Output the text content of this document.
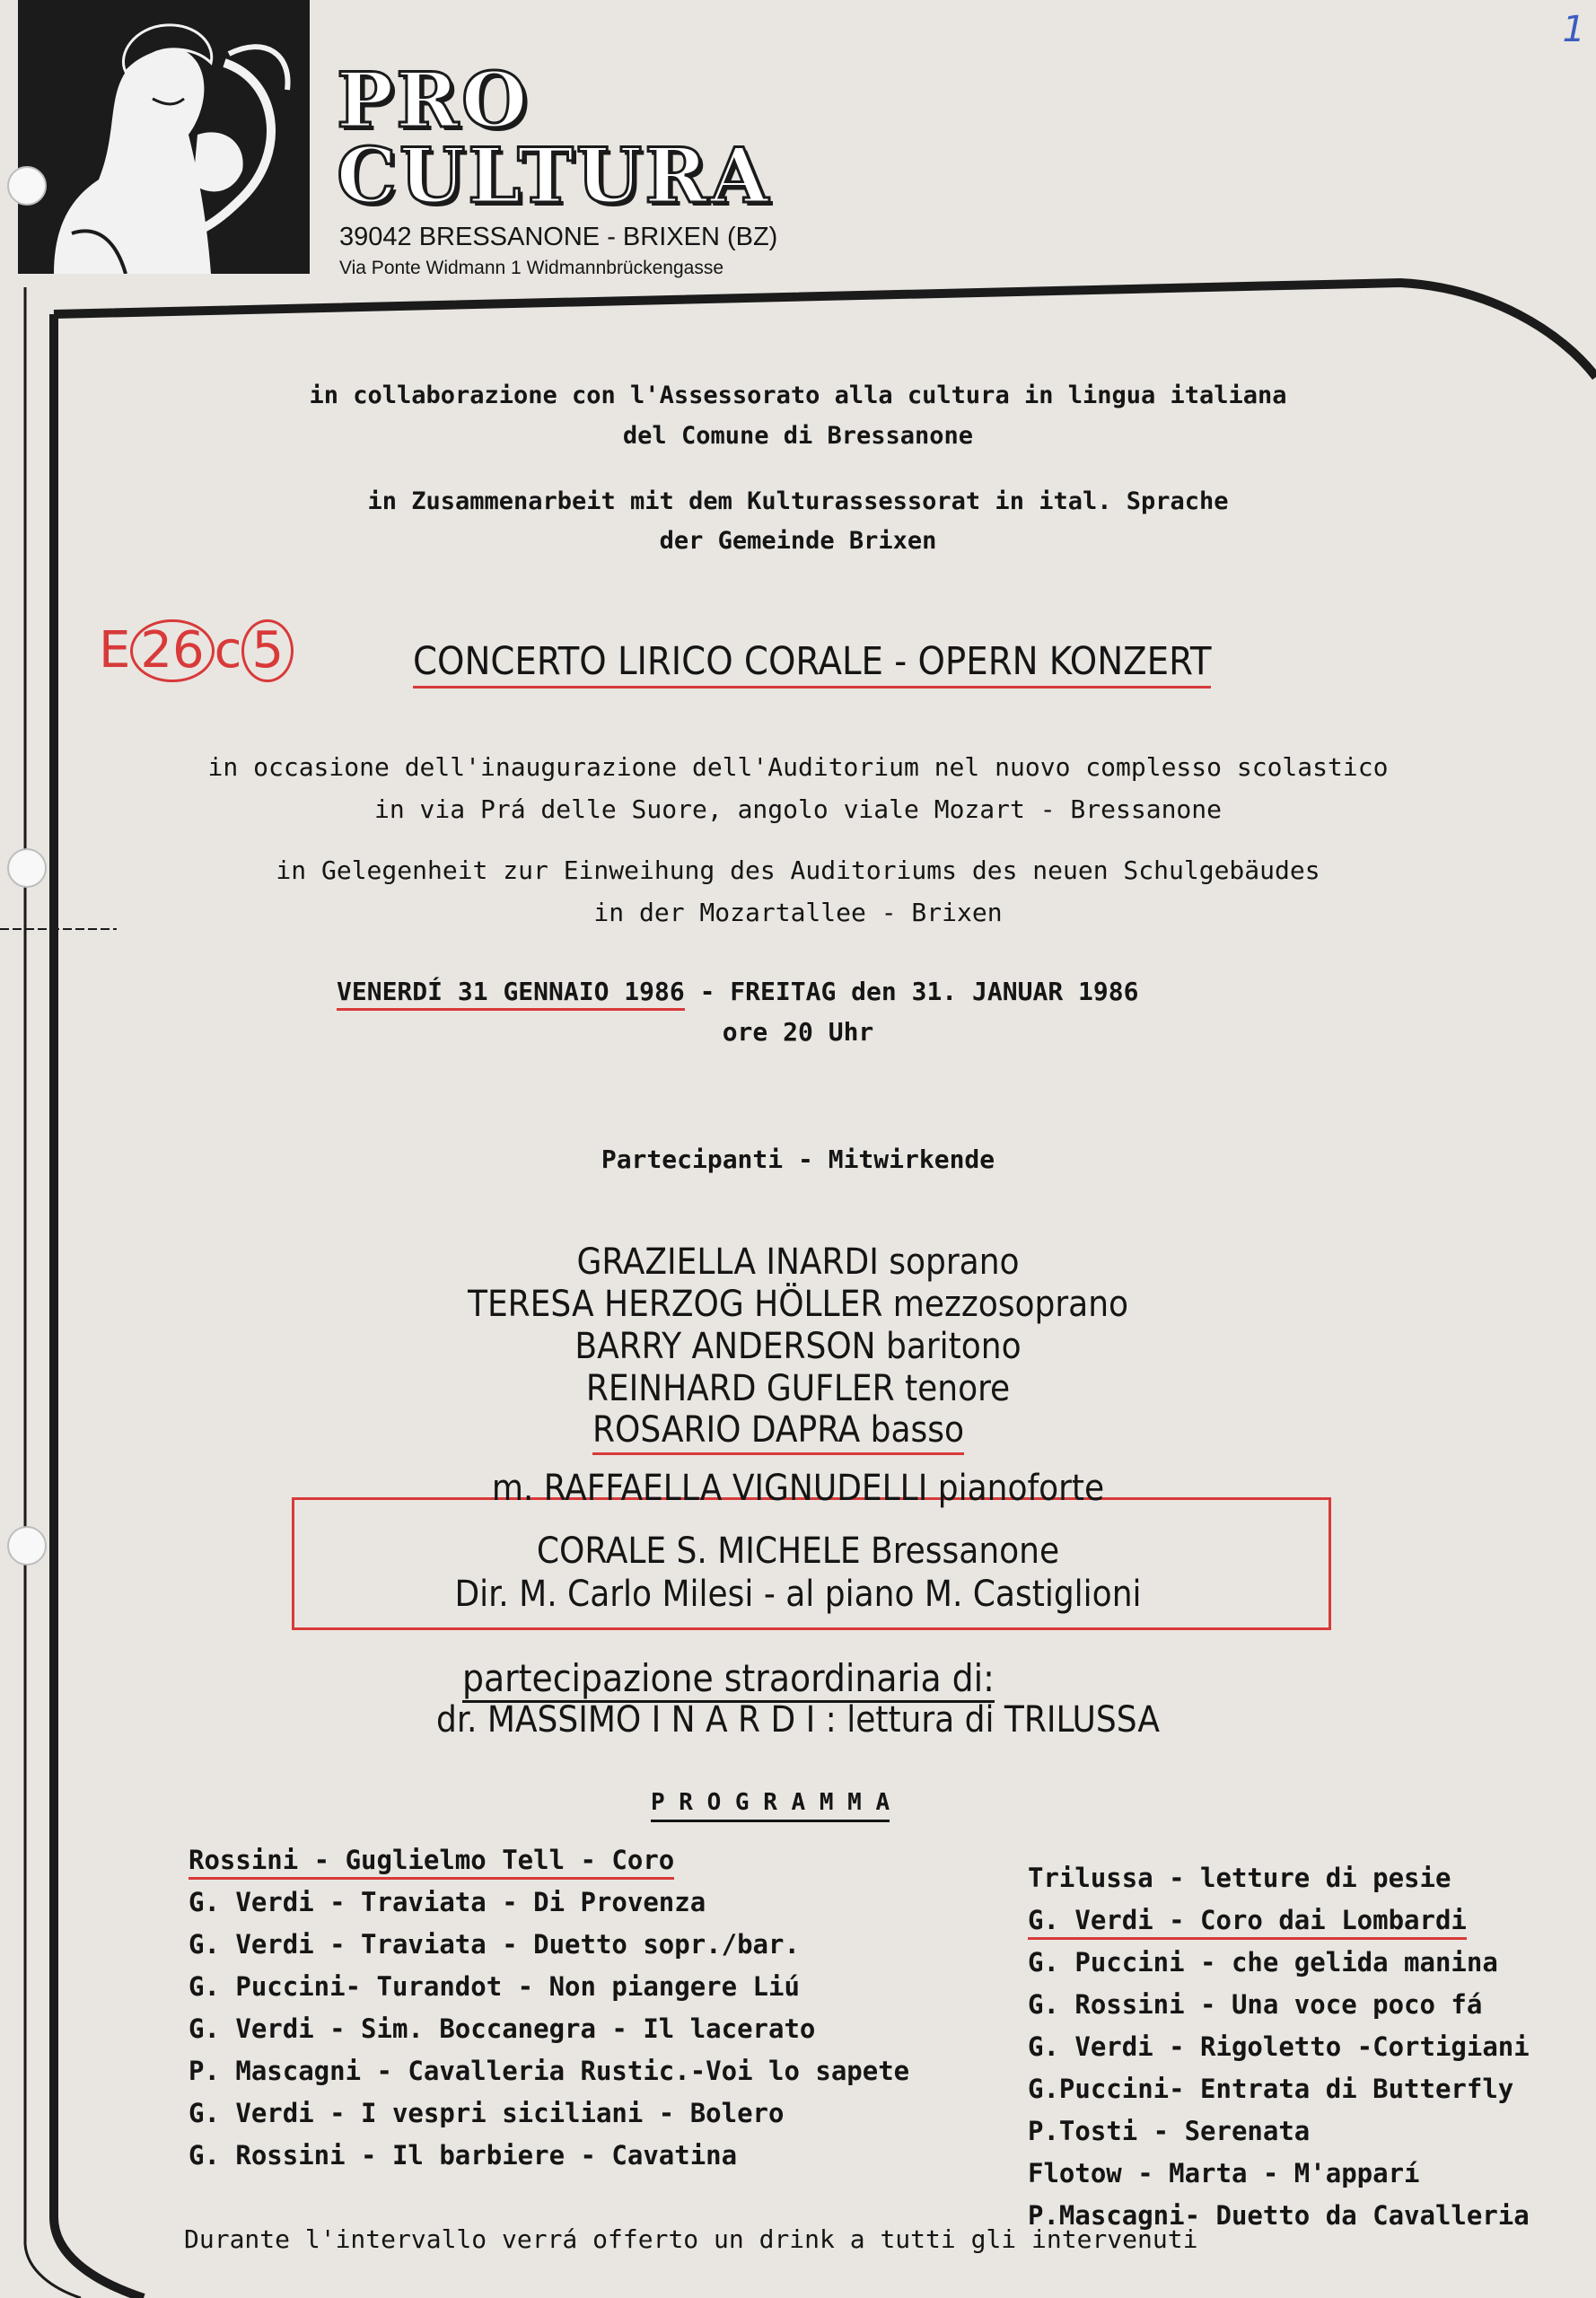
PRO
CULTURA
39042 BRESSANONE - BRIXEN (BZ)
Via Ponte Widmann 1 Widmannbrückengasse
1
in collaborazione con l'Assessorato alla cultura in lingua italiana
del Comune di Bressanone
in Zusammenarbeit mit dem Kulturassessorat in ital. Sprache
der Gemeinde Brixen
E 26 c 5	CONCERTO LIRICO CORALE - OPERN KONZERT
in occasione dell'inaugurazione dell'Auditorium nel nuovo complesso scolastico
in via Prá delle Suore, angolo viale Mozart - Bressanone
in Gelegenheit zur Einweihung des Auditoriums des neuen Schulgebäudes
in der Mozartallee - Brixen
VENERDÍ 31 GENNAIO 1986 - FREITAG den 31. JANUAR 1986
ore 20 Uhr
Partecipanti - Mitwirkende
GRAZIELLA INARDI soprano
TERESA HERZOG HÖLLER mezzosoprano
BARRY ANDERSON baritono
REINHARD GUFLER tenore
ROSARIO DAPRA basso
m. RAFFAELLA VIGNUDELLI pianoforte
CORALE S. MICHELE Bressanone
Dir. M. Carlo Milesi - al piano M. Castiglioni
partecipazione straordinaria di:
dr. MASSIMO I N A R D I : lettura di TRILUSSA
P R O G R A M M A
Rossini - Guglielmo Tell - Coro
G. Verdi - Traviata - Di Provenza
G. Verdi - Traviata - Duetto sopr./bar.
G. Puccini- Turandot - Non piangere Liú
G. Verdi - Sim. Boccanegra - Il lacerato
P. Mascagni - Cavalleria Rustic.-Voi lo sapete
G. Verdi - I vespri siciliani - Bolero
G. Rossini - Il barbiere - Cavatina
Trilussa - letture di pesie
G. Verdi - Coro dai Lombardi
G. Puccini - che gelida manina
G. Rossini - Una voce poco fá
G. Verdi - Rigoletto -Cortigiani
G.Puccini- Entrata di Butterfly
P.Tosti - Serenata
Flotow - Marta - M'apparí
P.Mascagni- Duetto da Cavalleria
Durante l'intervallo verrá offerto un drink a tutti gli intervenuti
